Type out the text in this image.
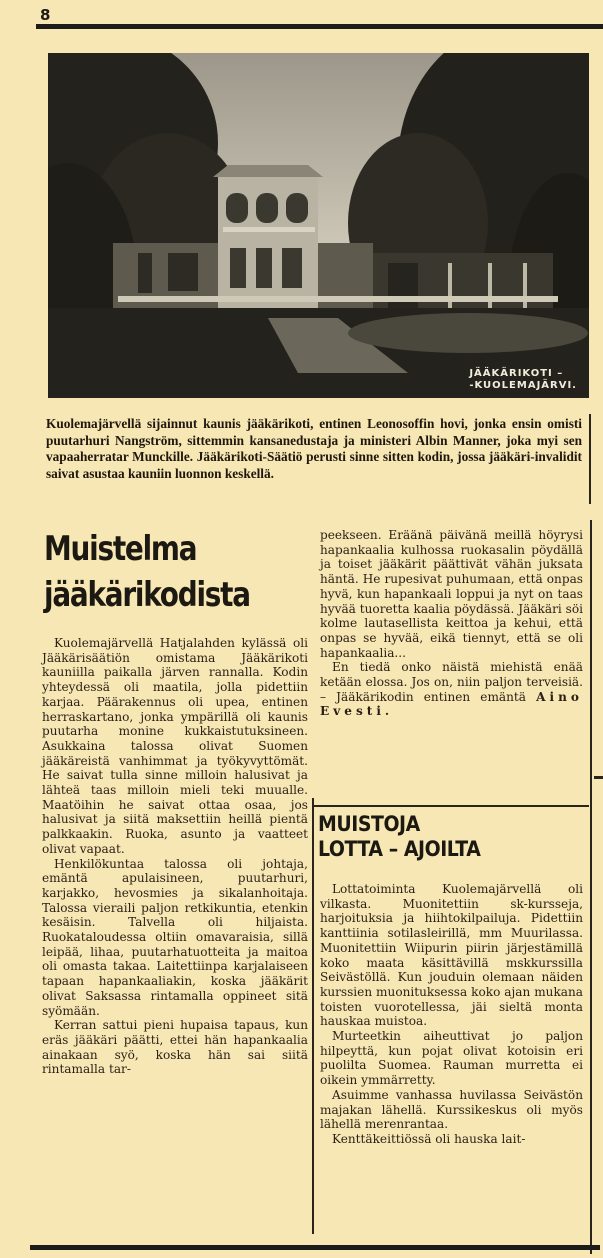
8
JÄÄKÄRIKOTI –
-KUOLEMAJÄRVI.
Kuolemajärvellä sijainnut kaunis jääkärikoti, entinen Leonosoffin hovi, jonka ensin omisti puutarhuri Nangström, sittemmin kansanedustaja ja ministeri Albin Manner, joka myi sen vapaaherratar Munckille. Jääkärikoti-Säätiö perusti sinne sitten kodin, jossa jääkäri-invalidit saivat asustaa kauniin luonnon keskellä.
Muistelma
jääkärikodista

Kuolemajärvellä Hatjalahden kylässä oli Jääkärisäätiön omistama Jääkärikoti kauniilla paikalla järven rannalla. Kodin yhteydessä oli maatila, jolla pidettiin karjaa. Päärakennus oli upea, entinen herraskartano, jonka ympärillä oli kaunis puutarha monine kukkaistutuksineen. Asukkaina talossa olivat Suomen jääkäreistä vanhimmat ja työkyvyttömät. He saivat tulla sinne milloin halusivat ja lähteä taas milloin mieli teki muualle. Maatöihin he saivat ottaa osaa, jos halusivat ja siitä maksettiin heillä pientä palkkaakin. Ruoka, asunto ja vaatteet olivat vapaat.

Henkilökuntaa talossa oli johtaja, emäntä apulaisineen, puutarhuri, karjakko, hevosmies ja sikalanhoitaja. Talossa vieraili paljon retkikuntia, etenkin kesäisin. Talvella oli hiljaista. Ruokataloudessa oltiin omavaraisia, sillä leipää, lihaa, puutarhatuotteita ja maitoa oli omasta takaa. Laitettiinpa karjalaiseen tapaan hapankaaliakin, koska jääkärit olivat Saksassa rintamalla oppineet sitä syömään.

Kerran sattui pieni hupaisa tapaus, kun eräs jääkäri päätti, ettei hän hapankaalia ainakaan syö, koska hän sai siitä rintamalla tar-

peekseen. Eräänä päivänä meillä höyrysi hapankaalia kulhossa ruokasalin pöydällä ja toiset jääkärit päättivät vähän juksata häntä. He rupesivat puhumaan, että onpas hyvä, kun hapankaali loppui ja nyt on taas hyvää tuoretta kaalia pöydässä. Jääkäri söi kolme lautasellista keittoa ja kehui, että onpas se hyvää, eikä tiennyt, että se oli hapankaalia...

En tiedä onko näistä miehistä enää ketään elossa. Jos on, niin paljon terveisiä. – Jääkärikodin entinen emäntä Aino Evesti.

MUISTOJA
LOTTA – AJOILTA

Lottatoiminta Kuolemajärvellä oli vilkasta. Muonitettiin sk-kursseja, harjoituksia ja hiihtokilpailuja. Pidettiin kanttiinia sotilasleirillä, mm Muurilassa. Muonitettiin Wiipurin piirin järjestämillä koko maata käsittävillä mskkurssilla Seivästöllä. Kun jouduin olemaan näiden kurssien muonituksessa koko ajan mukana toisten vuorotellessa, jäi sieltä monta hauskaa muistoa.

Murteetkin aiheuttivat jo paljon hilpeyttä, kun pojat olivat kotoisin eri puolilta Suomea. Rauman murretta ei oikein ymmärretty.

Asuimme vanhassa huvilassa Seivästön majakan lähellä. Kurssikeskus oli myös lähellä merenrantaa.

Kenttäkeittiössä oli hauska lait-
